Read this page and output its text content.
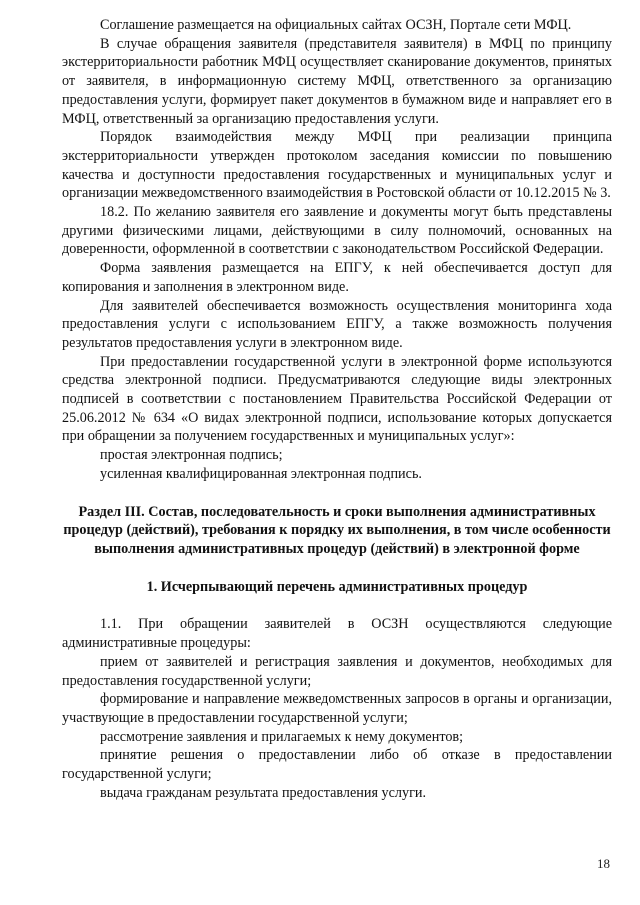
Соглашение размещается на официальных сайтах ОСЗН, Портале сети МФЦ.

В случае обращения заявителя (представителя заявителя) в МФЦ по принципу экстерриториальности работник МФЦ осуществляет сканирование документов, принятых от заявителя, в информационную систему МФЦ, ответственного за организацию предоставления услуги, формирует пакет документов в бумажном виде и направляет его в МФЦ, ответственный за организацию предоставления услуги.

Порядок взаимодействия между МФЦ при реализации принципа экстерриториальности утвержден протоколом заседания комиссии по повышению качества и доступности предоставления государственных и муниципальных услуг и организации межведомственного взаимодействия в Ростовской области от 10.12.2015 № 3.

18.2. По желанию заявителя его заявление и документы могут быть представлены другими физическими лицами, действующими в силу полномочий, основанных на доверенности, оформленной в соответствии с законодательством Российской Федерации.

Форма заявления размещается на ЕПГУ, к ней обеспечивается доступ для копирования и заполнения в электронном виде.

Для заявителей обеспечивается возможность осуществления мониторинга хода предоставления услуги с использованием ЕПГУ, а также возможность получения результатов предоставления услуги в электронном виде.

При предоставлении государственной услуги в электронной форме используются средства электронной подписи. Предусматриваются следующие виды электронных подписей в соответствии с постановлением Правительства Российской Федерации от 25.06.2012 № 634 «О видах электронной подписи, использование которых допускается при обращении за получением государственных и муниципальных услуг»:

простая электронная подпись;

усиленная квалифицированная электронная подпись.

Раздел III. Состав, последовательность и сроки выполнения административных процедур (действий), требования к порядку их выполнения, в том числе особенности выполнения административных процедур (действий) в электронной форме

1. Исчерпывающий перечень административных процедур

1.1. При обращении заявителей в ОСЗН осуществляются следующие административные процедуры:

прием от заявителей и регистрация заявления и документов, необходимых для предоставления государственной услуги;

формирование и направление межведомственных запросов в органы и организации, участвующие в предоставлении государственной услуги;

рассмотрение заявления и прилагаемых к нему документов;

принятие решения о предоставлении либо об отказе в предоставлении государственной услуги;

выдача гражданам результата предоставления услуги.

18
